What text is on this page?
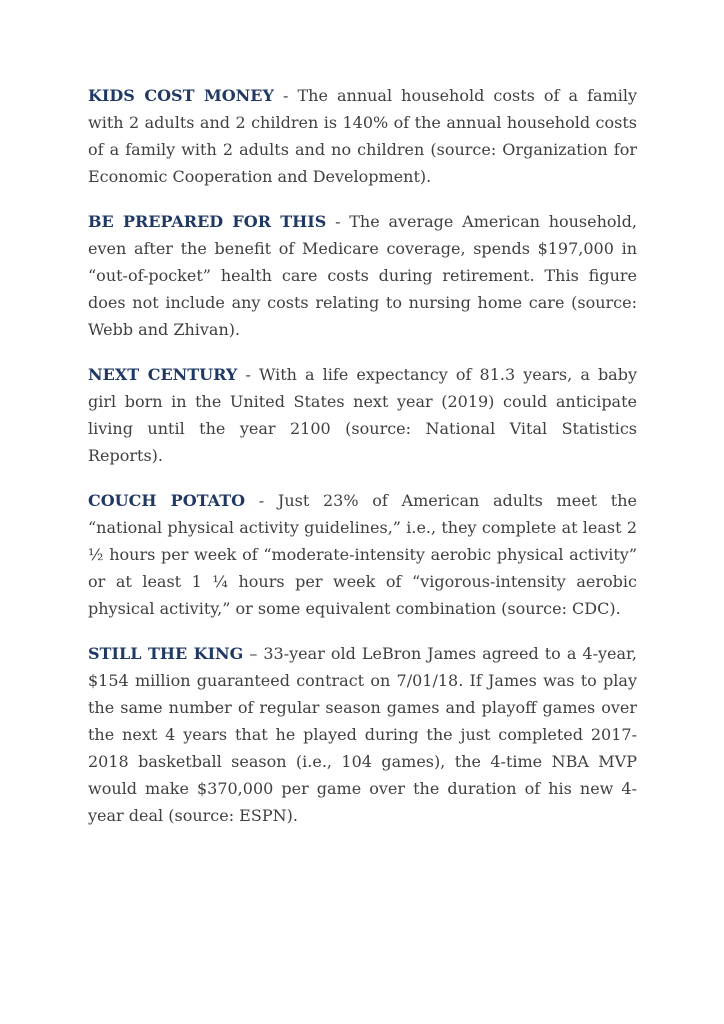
KIDS COST MONEY - The annual household costs of a family with 2 adults and 2 children is 140% of the annual household costs of a family with 2 adults and no children (source: Organization for Economic Cooperation and Development).

BE PREPARED FOR THIS - The average American household, even after the benefit of Medicare coverage, spends $197,000 in “out-of-pocket” health care costs during retirement. This figure does not include any costs relating to nursing home care (source: Webb and Zhivan).

NEXT CENTURY - With a life expectancy of 81.3 years, a baby girl born in the United States next year (2019) could anticipate living until the year 2100 (source: National Vital Statistics Reports).

COUCH POTATO - Just 23% of American adults meet the “national physical activity guidelines,” i.e., they complete at least 2 ½ hours per week of “moderate-intensity aerobic physical activity” or at least 1 ¼ hours per week of “vigorous-intensity aerobic physical activity,” or some equivalent combination (source: CDC).

STILL THE KING – 33-year old LeBron James agreed to a 4-year, $154 million guaranteed contract on 7/01/18. If James was to play the same number of regular season games and playoff games over the next 4 years that he played during the just completed 2017-2018 basketball season (i.e., 104 games), the 4-time NBA MVP would make $370,000 per game over the duration of his new 4-year deal (source: ESPN).
